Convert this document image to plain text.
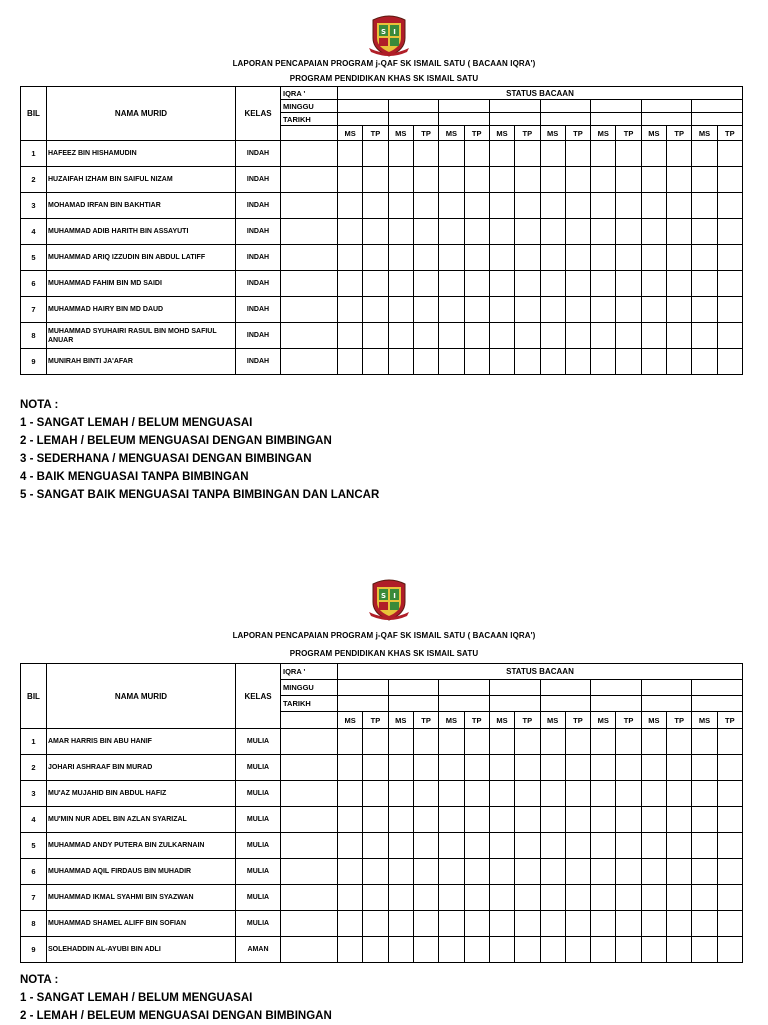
S I
LAPORAN PENCAPAIAN PROGRAM j-QAF SK ISMAIL SATU ( BACAAN IQRA')
PROGRAM PENDIDIKAN KHAS SK ISMAIL SATU
BIL	NAMA MURID	KELAS	IQRA '	STATUS BACAAN															
			MINGGU																
			TARIKH																
				MS	TP	MS	TP	MS	TP	MS	TP	MS	TP	MS	TP	MS	TP	MS	TP
1	HAFEEZ BIN HISHAMUDIN	INDAH																	
2	HUZAIFAH IZHAM BIN SAIFUL NIZAM	INDAH																	
3	MOHAMAD IRFAN BIN BAKHTIAR	INDAH																	
4	MUHAMMAD ADIB HARITH BIN ASSAYUTI	INDAH																	
5	MUHAMMAD ARIQ IZZUDIN BIN ABDUL LATIFF	INDAH																	
6	MUHAMMAD FAHIM BIN MD SAIDI	INDAH																	
7	MUHAMMAD HAIRY BIN MD DAUD	INDAH																	
8	MUHAMMAD SYUHAIRI RASUL BIN MOHD SAFIUL ANUAR	INDAH																	
9	MUNIRAH BINTI JA'AFAR	INDAH																	
NOTA :
1 - SANGAT LEMAH / BELUM MENGUASAI
2 - LEMAH / BELEUM MENGUASAI DENGAN BIMBINGAN
3 - SEDERHANA / MENGUASAI DENGAN BIMBINGAN
4 - BAIK MENGUASAI TANPA BIMBINGAN
5 - SANGAT BAIK MENGUASAI TANPA BIMBINGAN DAN LANCAR
S I
LAPORAN PENCAPAIAN PROGRAM j-QAF SK ISMAIL SATU ( BACAAN IQRA')
PROGRAM PENDIDIKAN KHAS SK ISMAIL SATU
BIL	NAMA MURID	KELAS	IQRA '	STATUS BACAAN															
			MINGGU																
			TARIKH																
				MS	TP	MS	TP	MS	TP	MS	TP	MS	TP	MS	TP	MS	TP	MS	TP
1	AMAR HARRIS BIN ABU HANIF	MULIA																	
2	JOHARI ASHRAAF BIN MURAD	MULIA																	
3	MU'AZ MUJAHID BIN ABDUL HAFIZ	MULIA																	
4	MU'MIN NUR ADEL BIN AZLAN SYARIZAL	MULIA																	
5	MUHAMMAD ANDY PUTERA BIN ZULKARNAIN	MULIA																	
6	MUHAMMAD AQIL FIRDAUS BIN MUHADIR	MULIA																	
7	MUHAMMAD IKMAL SYAHMI BIN SYAZWAN	MULIA																	
8	MUHAMMAD SHAMEL ALIFF BIN SOFIAN	MULIA																	
9	SOLEHADDIN AL-AYUBI BIN ADLI	AMAN																	
NOTA :
1 - SANGAT LEMAH / BELUM MENGUASAI
2 - LEMAH / BELEUM MENGUASAI DENGAN BIMBINGAN
